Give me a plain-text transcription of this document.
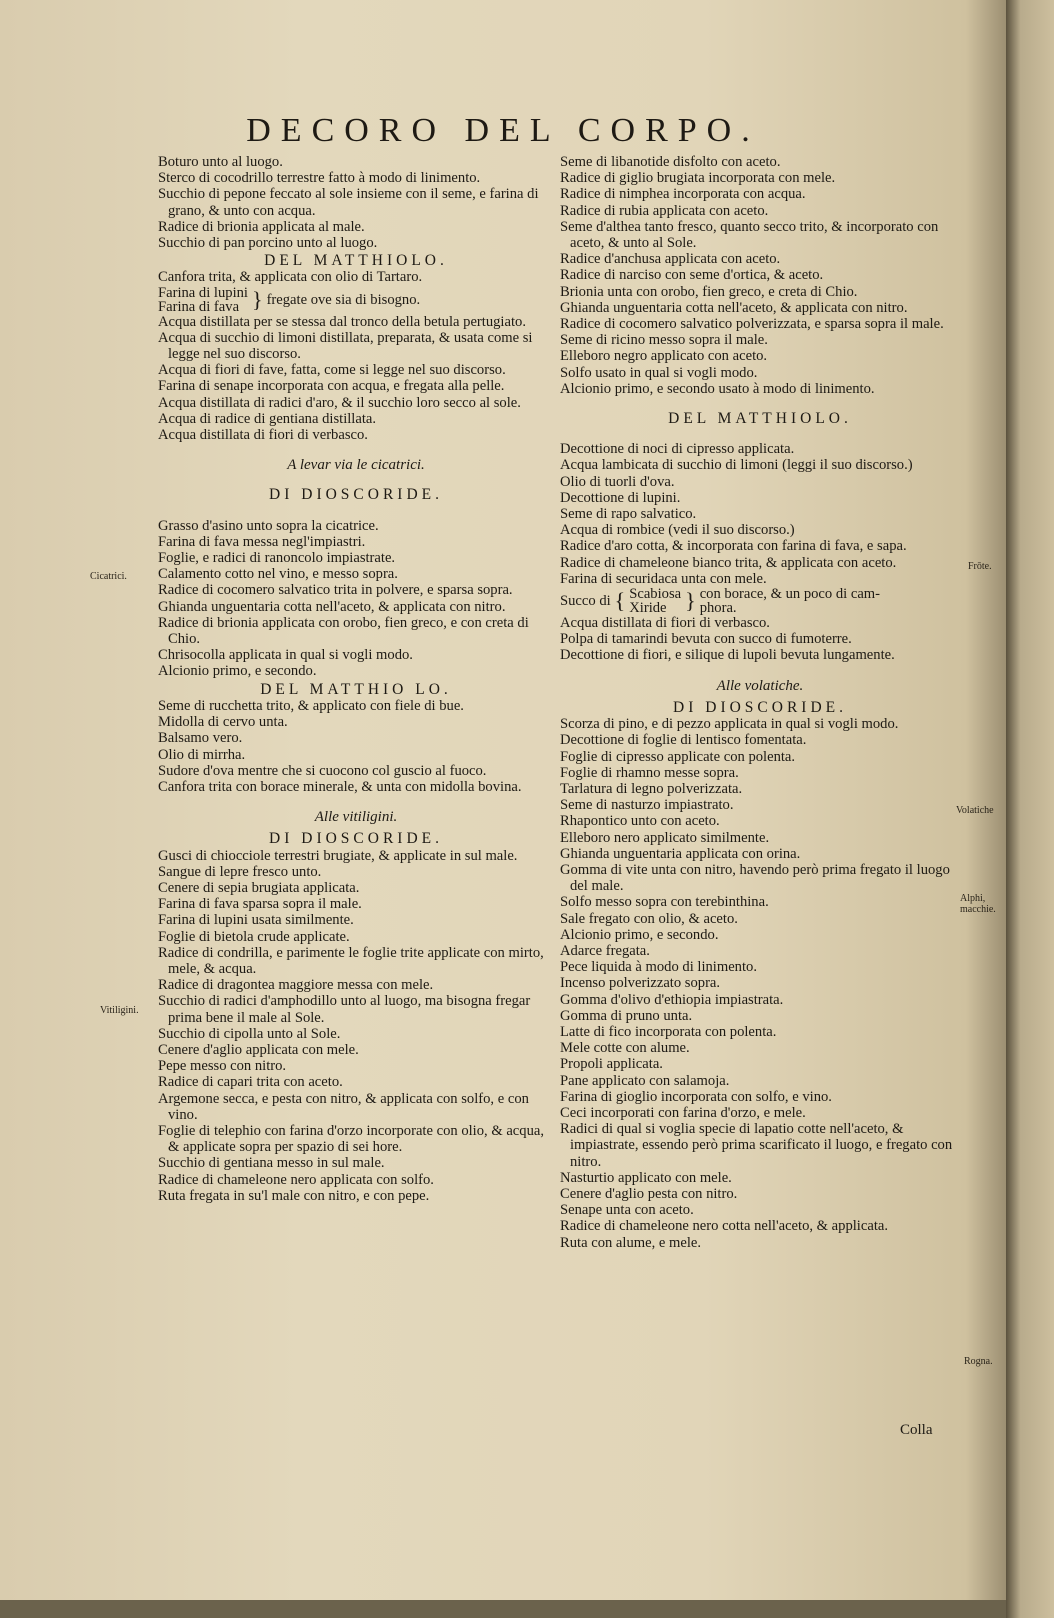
DECORO DEL CORPO.

Boturo unto al luogo.

Sterco di cocodrillo terrestre fatto à modo di linimento.

Succhio di pepone feccato al sole insieme con il seme, e farina di grano, & unto con acqua.

Radice di brionia applicata al male.

Succhio di pan porcino unto al luogo.

DEL MATTHIOLO.

Canfora trita, & applicata con olio di Tartaro.

Farina di lupini
Farina di fava } fregate ove sia di bisogno.

Acqua distillata per se stessa dal tronco della betula pertugiato.

Acqua di succhio di limoni distillata, preparata, & usata come si legge nel suo discorso.

Acqua di fiori di fave, fatta, come si legge nel suo discorso.

Farina di senape incorporata con acqua, e fregata alla pelle.

Acqua distillata di radici d'aro, & il succhio loro secco al sole.

Acqua di radice di gentiana distillata.

Acqua distillata di fiori di verbasco.

A levar via le cicatrici.
DI DIOSCORIDE.

Grasso d'asino unto sopra la cicatrice.

Farina di fava messa negl'impiastri.

Foglie, e radici di ranoncolo impiastrate.

Calamento cotto nel vino, e messo sopra.

Radice di cocomero salvatico trita in polvere, e sparsa sopra.

Ghianda unguentaria cotta nell'aceto, & applicata con nitro.

Radice di brionia applicata con orobo, fien greco, e con creta di Chio.

Chrisocolla applicata in qual si vogli modo.

Alcionio primo, e secondo.

DEL MATTHIO LO.

Seme di rucchetta trito, & applicato con fiele di bue.

Midolla di cervo unta.

Balsamo vero.

Olio di mirrha.

Sudore d'ova mentre che si cuocono col guscio al fuoco.

Canfora trita con borace minerale, & unta con midolla bovina.

Alle vitiligini.
DI DIOSCORIDE.

Gusci di chiocciole terrestri brugiate, & applicate in sul male.

Sangue di lepre fresco unto.

Cenere di sepia brugiata applicata.

Farina di fava sparsa sopra il male.

Farina di lupini usata similmente.

Foglie di bietola crude applicate.

Radice di condrilla, e parimente le foglie trite applicate con mirto, mele, & acqua.

Radice di dragontea maggiore messa con mele.

Succhio di radici d'amphodillo unto al luogo, ma bisogna fregar prima bene il male al Sole.

Succhio di cipolla unto al Sole.

Cenere d'aglio applicata con mele.

Pepe messo con nitro.

Radice di capari trita con aceto.

Argemone secca, e pesta con nitro, & applicata con solfo, e con vino.

Foglie di telephio con farina d'orzo incorporate con olio, & acqua, & applicate sopra per spazio di sei hore.

Succhio di gentiana messo in sul male.

Radice di chameleone nero applicata con solfo.

Ruta fregata in su'l male con nitro, e con pepe.

Seme di libanotide disfolto con aceto.

Radice di giglio brugiata incorporata con mele.

Radice di nimphea incorporata con acqua.

Radice di rubia applicata con aceto.

Seme d'althea tanto fresco, quanto secco trito, & incorporato con aceto, & unto al Sole.

Radice d'anchusa applicata con aceto.

Radice di narciso con seme d'ortica, & aceto.

Brionia unta con orobo, fien greco, e creta di Chio.

Ghianda unguentaria cotta nell'aceto, & applicata con nitro.

Radice di cocomero salvatico polverizzata, e sparsa sopra il male.

Seme di ricino messo sopra il male.

Elleboro negro applicato con aceto.

Solfo usato in qual si vogli modo.

Alcionio primo, e secondo usato à modo di linimento.

DEL MATTHIOLO.

Decottione di noci di cipresso applicata.

Acqua lambicata di succhio di limoni (leggi il suo discorso.)

Olio di tuorli d'ova.

Decottione di lupini.

Seme di rapo salvatico.

Acqua di rombice (vedi il suo discorso.)

Radice d'aro cotta, & incorporata con farina di fava, e sapa.

Radice di chameleone bianco trita, & applicata con aceto.

Farina di securidaca unta con mele.

Succo di { Scabiosa
Xiride } con borace, & un poco di cam-
phora.

Acqua distillata di fiori di verbasco.

Polpa di tamarindi bevuta con succo di fumoterre.

Decottione di fiori, e silique di lupoli bevuta lungamente.

Alle volatiche.
DI DIOSCORIDE.

Scorza di pino, e di pezzo applicata in qual si vogli modo.

Decottione di foglie di lentisco fomentata.

Foglie di cipresso applicate con polenta.

Foglie di rhamno messe sopra.

Tarlatura di legno polverizzata.

Seme di nasturzo impiastrato.

Rhapontico unto con aceto.

Elleboro nero applicato similmente.

Ghianda unguentaria applicata con orina.

Gomma di vite unta con nitro, havendo però prima fregato il luogo del male.

Solfo messo sopra con terebinthina.

Sale fregato con olio, & aceto.

Alcionio primo, e secondo.

Adarce fregata.

Pece liquida à modo di linimento.

Incenso polverizzato sopra.

Gomma d'olivo d'ethiopia impiastrata.

Gomma di pruno unta.

Latte di fico incorporata con polenta.

Mele cotte con alume.

Propoli applicata.

Pane applicato con salamoja.

Farina di gioglio incorporata con solfo, e vino.

Ceci incorporati con farina d'orzo, e mele.

Radici di qual si voglia specie di lapatio cotte nell'aceto, & impiastrate, essendo però prima scarificato il luogo, e fregato con nitro.

Nasturtio applicato con mele.

Cenere d'aglio pesta con nitro.

Senape unta con aceto.

Radice di chameleone nero cotta nell'aceto, & applicata.

Ruta con alume, e mele.

Cicatrici.
Vitiligini.
Frōte.
Volatiche
Alphi, macchie.
Rogna.
Colla
